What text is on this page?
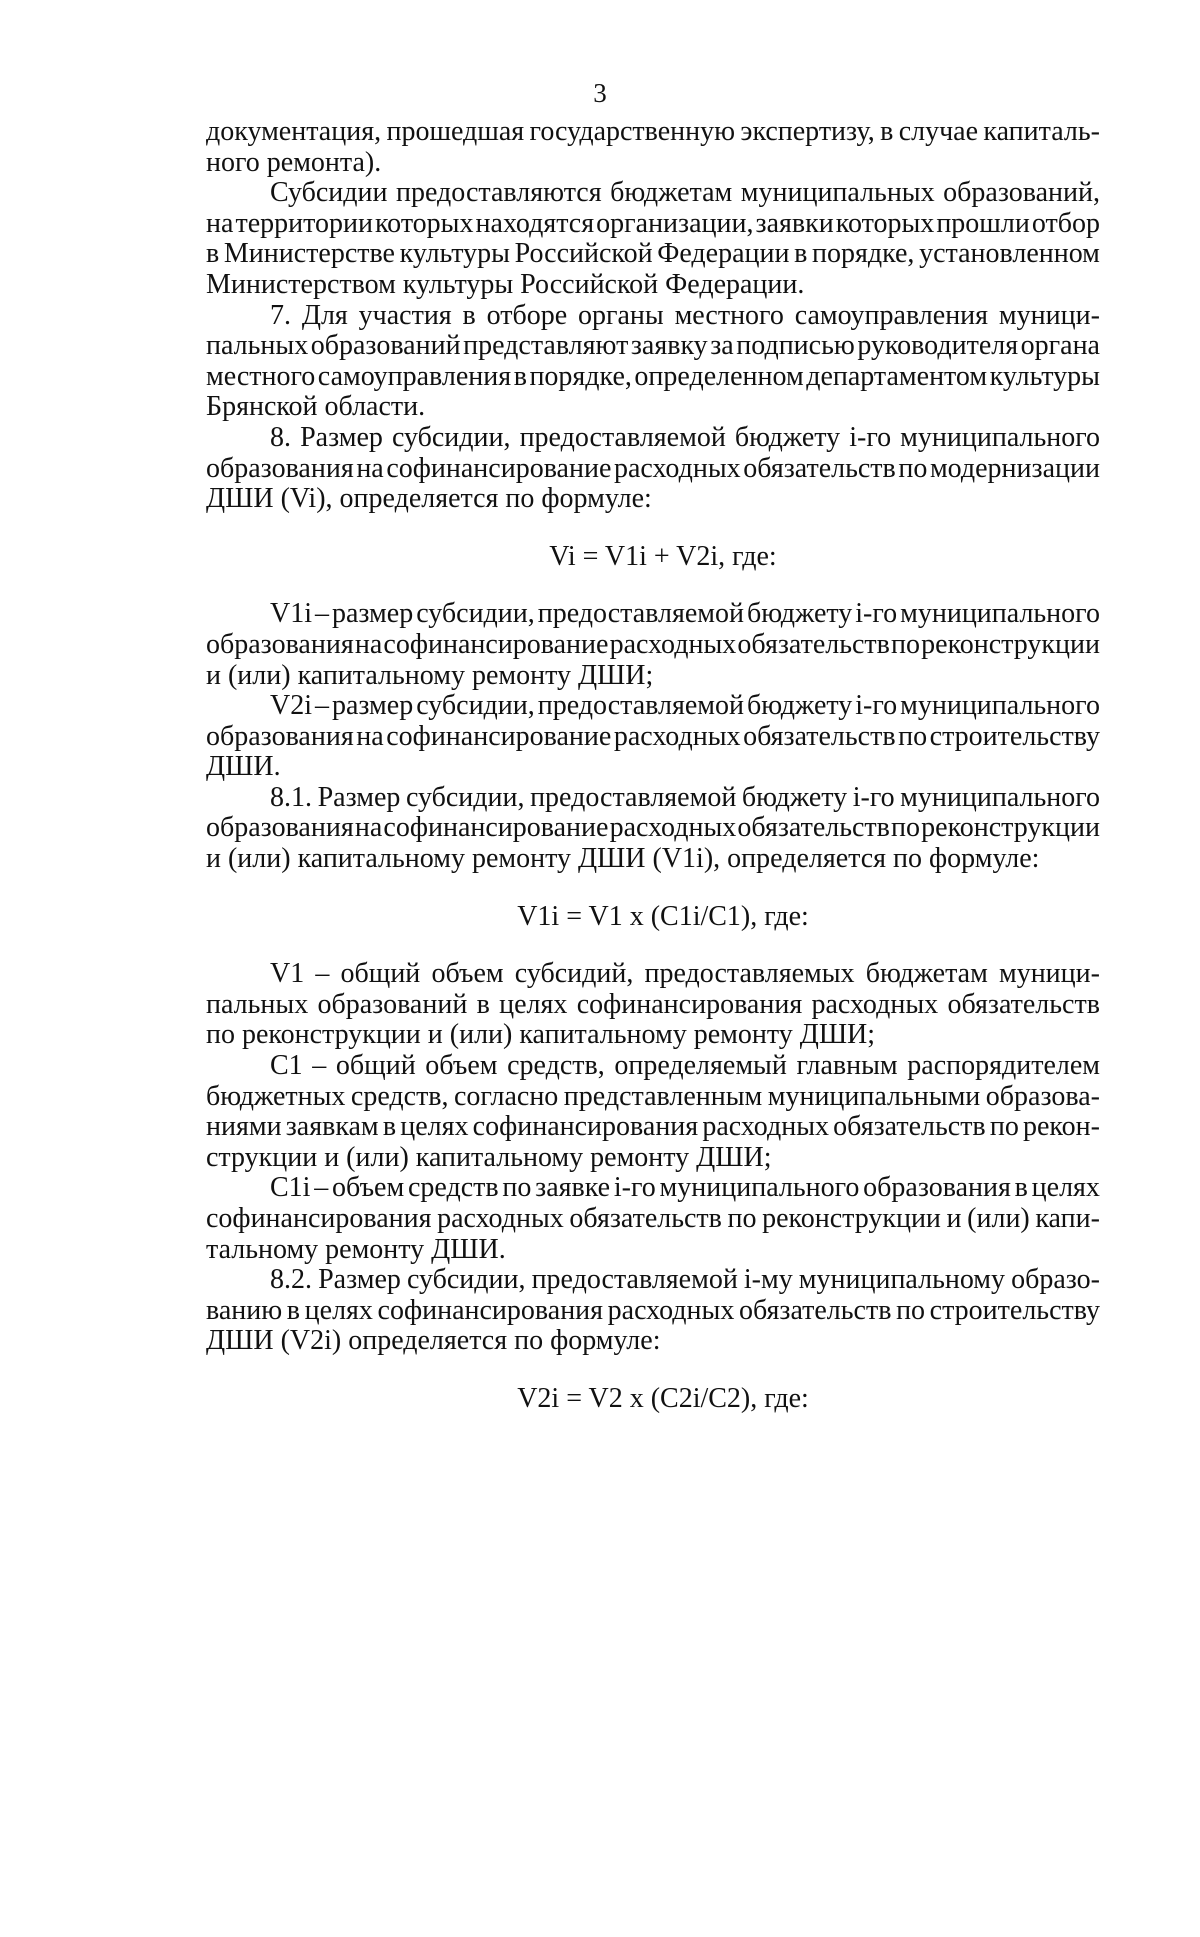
3
документация, прошедшая государственную экспертизу, в случае капиталь-
ного ремонта).
Субсидии предоставляются бюджетам муниципальных образований,
на территории которых находятся организации, заявки которых прошли отбор
в Министерстве культуры Российской Федерации в порядке, установленном
Министерством культуры Российской Федерации.
7. Для участия в отборе органы местного самоуправления муници-
пальных образований представляют заявку за подписью руководителя органа
местного самоуправления в порядке, определенном департаментом культуры
Брянской области.
8. Размер субсидии, предоставляемой бюджету i-го муниципального
образования на софинансирование расходных обязательств по модернизации
ДШИ (Vi), определяется по формуле:
Vi = V1i + V2i, где:
V1i – размер субсидии, предоставляемой бюджету i-го муниципального
образования на софинансирование расходных обязательств по реконструкции
и (или) капитальному ремонту ДШИ;
V2i – размер субсидии, предоставляемой бюджету i-го муниципального
образования на софинансирование расходных обязательств по строительству
ДШИ.
8.1. Размер субсидии, предоставляемой бюджету i-го муниципального
образования на софинансирование расходных обязательств по реконструкции
и (или) капитальному ремонту ДШИ (V1i), определяется по формуле:
V1i = V1 x (C1i/C1), где:
V1 – общий объем субсидий, предоставляемых бюджетам муници-
пальных образований в целях софинансирования расходных обязательств
по реконструкции и (или) капитальному ремонту ДШИ;
C1 – общий объем средств, определяемый главным распорядителем
бюджетных средств, согласно представленным муниципальными образова-
ниями заявкам в целях софинансирования расходных обязательств по рекон-
струкции и (или) капитальному ремонту ДШИ;
C1i – объем средств по заявке i-го муниципального образования в целях
софинансирования расходных обязательств по реконструкции и (или) капи-
тальному ремонту ДШИ.
8.2. Размер субсидии, предоставляемой i-му муниципальному образо-
ванию в целях софинансирования расходных обязательств по строительству
ДШИ (V2i) определяется по формуле:
V2i = V2 x (C2i/C2), где:
